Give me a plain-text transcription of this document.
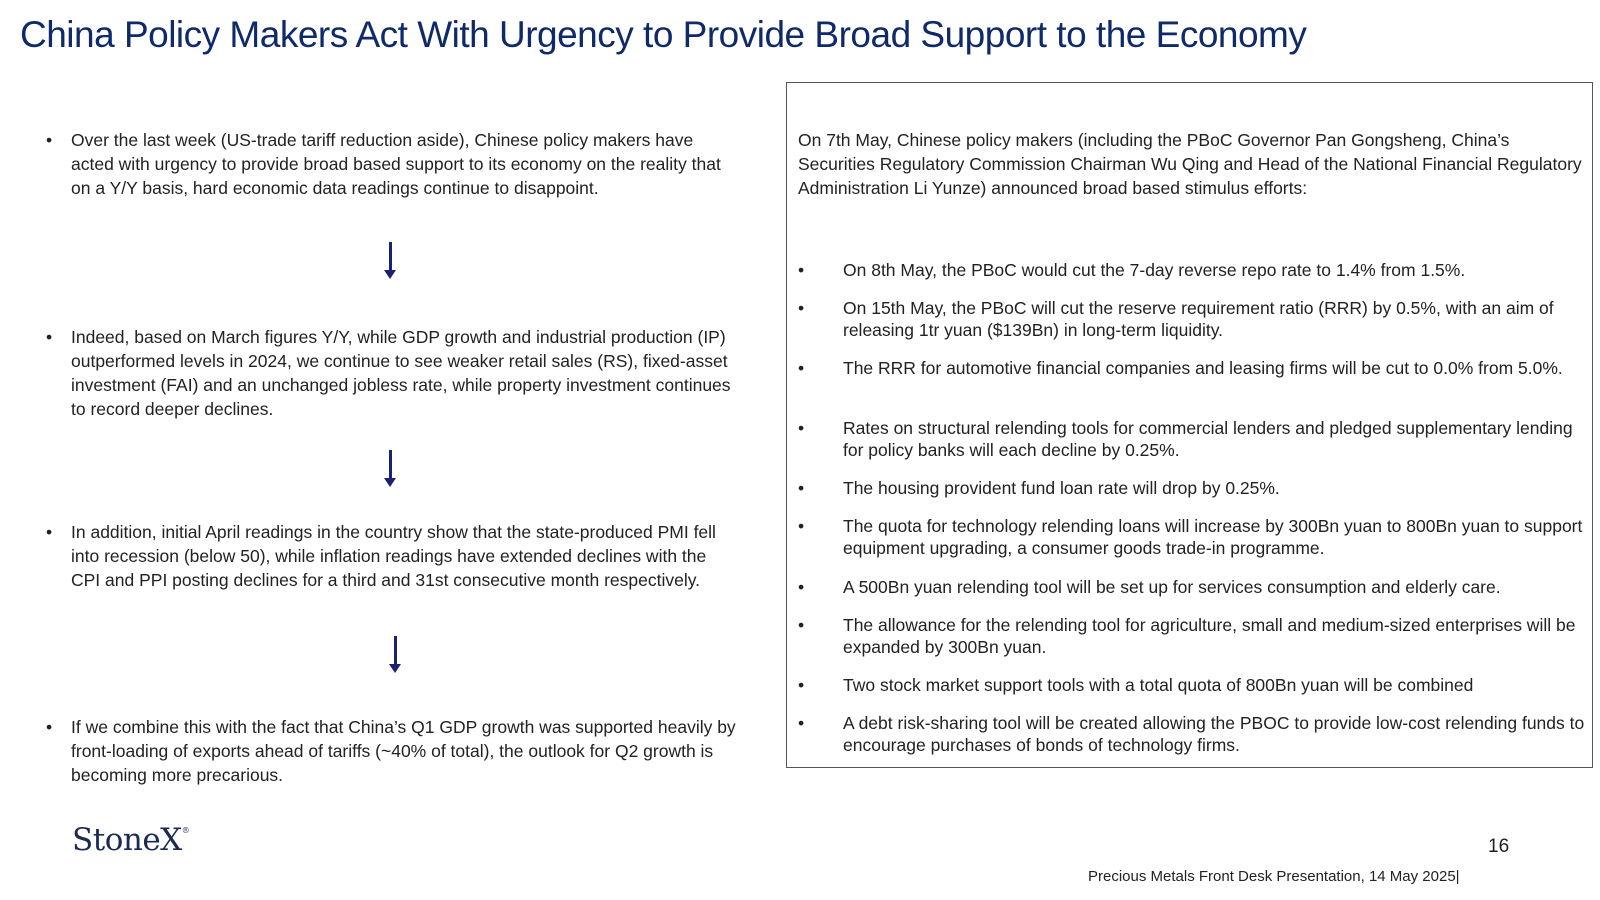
China Policy Makers Act With Urgency to Provide Broad Support to the Economy
•	Over the last week (US-trade tariff reduction aside), Chinese policy makers have acted with urgency to provide broad based support to its economy on the reality that on a Y/Y basis, hard economic data readings continue to disappoint.
•	Indeed, based on March figures Y/Y, while GDP growth and industrial production (IP) outperformed levels in 2024, we continue to see weaker retail sales (RS), fixed-asset investment (FAI) and an unchanged jobless rate, while property investment continues to record deeper declines.
•	In addition, initial April readings in the country show that the state-produced PMI fell into recession (below 50), while inflation readings have extended declines with the CPI and PPI posting declines for a third and 31st consecutive month respectively.
•	If we combine this with the fact that China’s Q1 GDP growth was supported heavily by front-loading of exports ahead of tariffs (~40% of total), the outlook for Q2 growth is becoming more precarious.
On 7th May, Chinese policy makers (including the PBoC Governor Pan Gongsheng, China’s Securities Regulatory Commission Chairman Wu Qing and Head of the National Financial Regulatory Administration Li Yunze) announced broad based stimulus efforts:
•	On 8th May, the PBoC would cut the 7-day reverse repo rate to 1.4% from 1.5%.
•	On 15th May, the PBoC will cut the reserve requirement ratio (RRR) by 0.5%, with an aim of releasing 1tr yuan ($139Bn) in long-term liquidity.
•	The RRR for automotive financial companies and leasing firms will be cut to 0.0% from 5.0%.
•	Rates on structural relending tools for commercial lenders and pledged supplementary lending for policy banks will each decline by 0.25%.
•	The housing provident fund loan rate will drop by 0.25%.
•	The quota for technology relending loans will increase by 300Bn yuan to 800Bn yuan to support equipment upgrading, a consumer goods trade-in programme.
•	A 500Bn yuan relending tool will be set up for services consumption and elderly care.
•	The allowance for the relending tool for agriculture, small and medium-sized enterprises will be expanded by 300Bn yuan.
•	Two stock market support tools with a total quota of 800Bn yuan will be combined
•	A debt risk-sharing tool will be created allowing the PBOC to provide low-cost relending funds to encourage purchases of bonds of technology firms.
StoneX®
16
Precious Metals Front Desk Presentation, 14 May 2025|
